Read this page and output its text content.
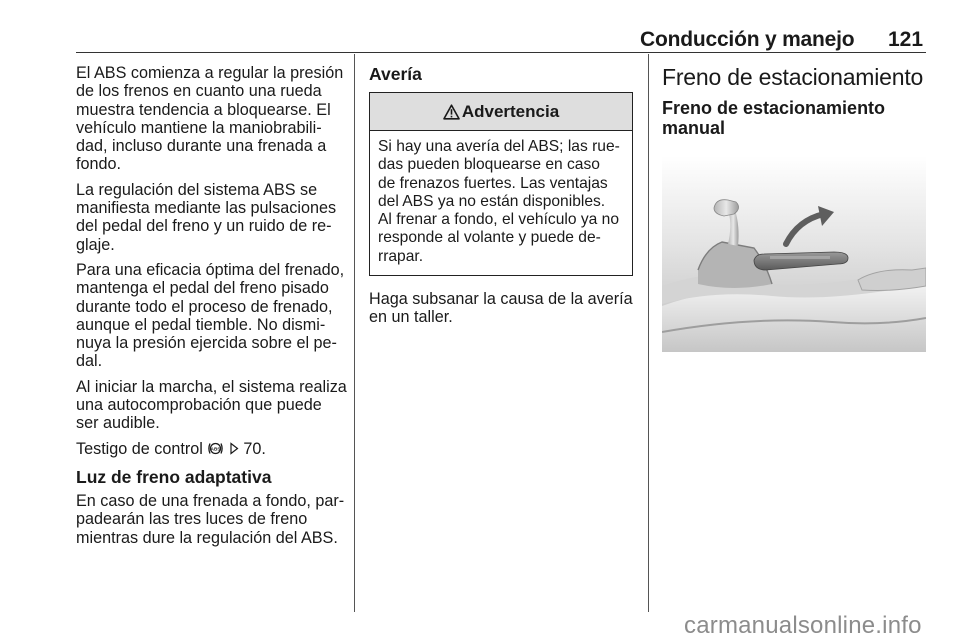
Conducción y manejo 121

El ABS comienza a regular la presión
de los frenos en cuanto una rueda
muestra tendencia a bloquearse. El
vehículo mantiene la maniobrabili-
dad, incluso durante una frenada a
fondo.

La regulación del sistema ABS se
manifiesta mediante las pulsaciones
del pedal del freno y un ruido de re-
glaje.

Para una eficacia óptima del frenado,
mantenga el pedal del freno pisado
durante todo el proceso de frenado,
aunque el pedal tiemble. No dismi-
nuya la presión ejercida sobre el pe-
dal.

Al iniciar la marcha, el sistema realiza
una autocomprobación que puede
ser audible.

Testigo de control ABS 70.

Luz de freno adaptativa

En caso de una frenada a fondo, par-
padearán las tres luces de freno
mientras dure la regulación del ABS.

Avería
Advertencia

Si hay una avería del ABS; las rue-
das pueden bloquearse en caso
de frenazos fuertes. Las ventajas
del ABS ya no están disponibles.
Al frenar a fondo, el vehículo ya no
responde al volante y puede de-
rrapar.

Haga subsanar la causa de la avería
en un taller.

Freno de estacionamiento
Freno de estacionamiento
manual
carmanualsonline.info
